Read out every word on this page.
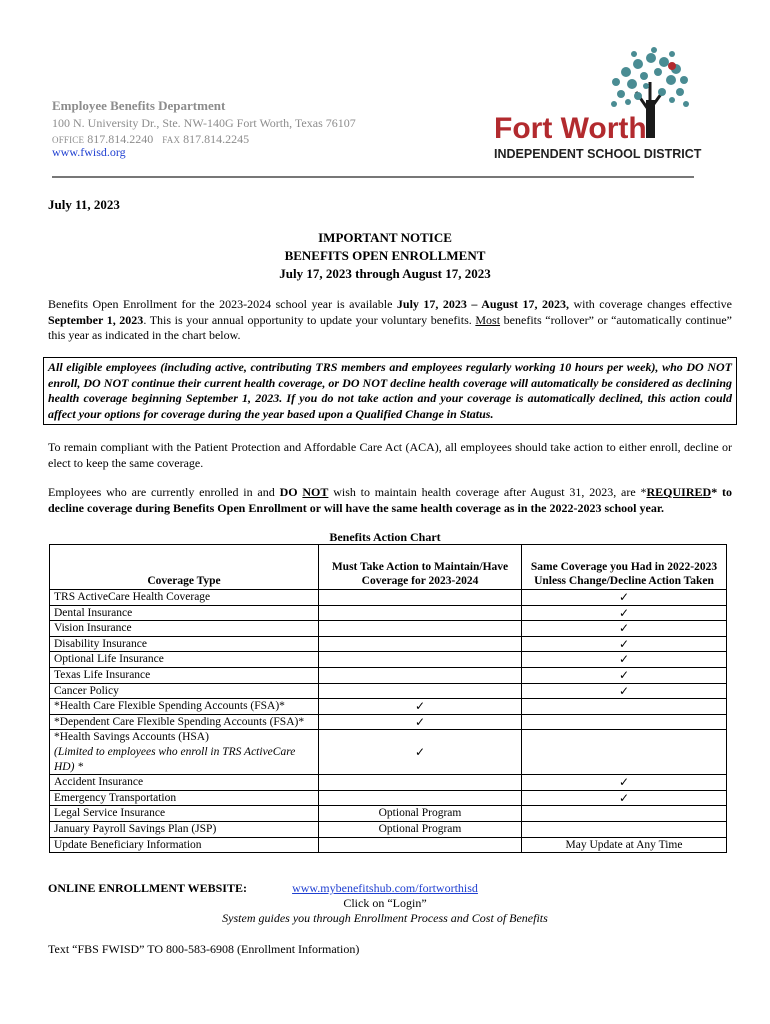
Employee Benefits Department
100 N. University Dr., Ste. NW-140G Fort Worth, Texas 76107
OFFICE 817.814.2240 FAX 817.814.2245
www.fwisd.org
Fort Worth
INDEPENDENT SCHOOL DISTRICT
July 11, 2023
IMPORTANT NOTICE
BENEFITS OPEN ENROLLMENT
July 17, 2023 through August 17, 2023
Benefits Open Enrollment for the 2023-2024 school year is available July 17, 2023 – August 17, 2023, with coverage changes effective September 1, 2023. This is your annual opportunity to update your voluntary benefits. Most benefits “rollover” or “automatically continue” this year as indicated in the chart below.
All eligible employees (including active, contributing TRS members and employees regularly working 10 hours per week), who DO NOT enroll, DO NOT continue their current health coverage, or DO NOT decline health coverage will automatically be considered as declining health coverage beginning September 1, 2023. If you do not take action and your coverage is automatically declined, this action could affect your options for coverage during the year based upon a Qualified Change in Status.
To remain compliant with the Patient Protection and Affordable Care Act (ACA), all employees should take action to either enroll, decline or elect to keep the same coverage.
Employees who are currently enrolled in and DO NOT wish to maintain health coverage after August 31, 2023, are *REQUIRED* to decline coverage during Benefits Open Enrollment or will have the same health coverage as in the 2022-2023 school year.
Benefits Action Chart
Coverage Type	Must Take Action to Maintain/Have Coverage for 2023-2024	Same Coverage you Had in 2022-2023 Unless Change/Decline Action Taken
TRS ActiveCare Health Coverage		✓
Dental Insurance		✓
Vision Insurance		✓
Disability Insurance		✓
Optional Life Insurance		✓
Texas Life Insurance		✓
Cancer Policy		✓
*Health Care Flexible Spending Accounts (FSA)*	✓	
*Dependent Care Flexible Spending Accounts (FSA)*	✓	
*Health Savings Accounts (HSA)
(Limited to employees who enroll in TRS ActiveCare HD) *	✓	
Accident Insurance		✓
Emergency Transportation		✓
Legal Service Insurance	Optional Program	
January Payroll Savings Plan (JSP)	Optional Program	
Update Beneficiary Information		May Update at Any Time
ONLINE ENROLLMENT WEBSITE:	www.mybenefitshub.com/fortworthisd
Click on “Login”
System guides you through Enrollment Process and Cost of Benefits
Text “FBS FWISD” TO 800-583-6908 (Enrollment Information)
